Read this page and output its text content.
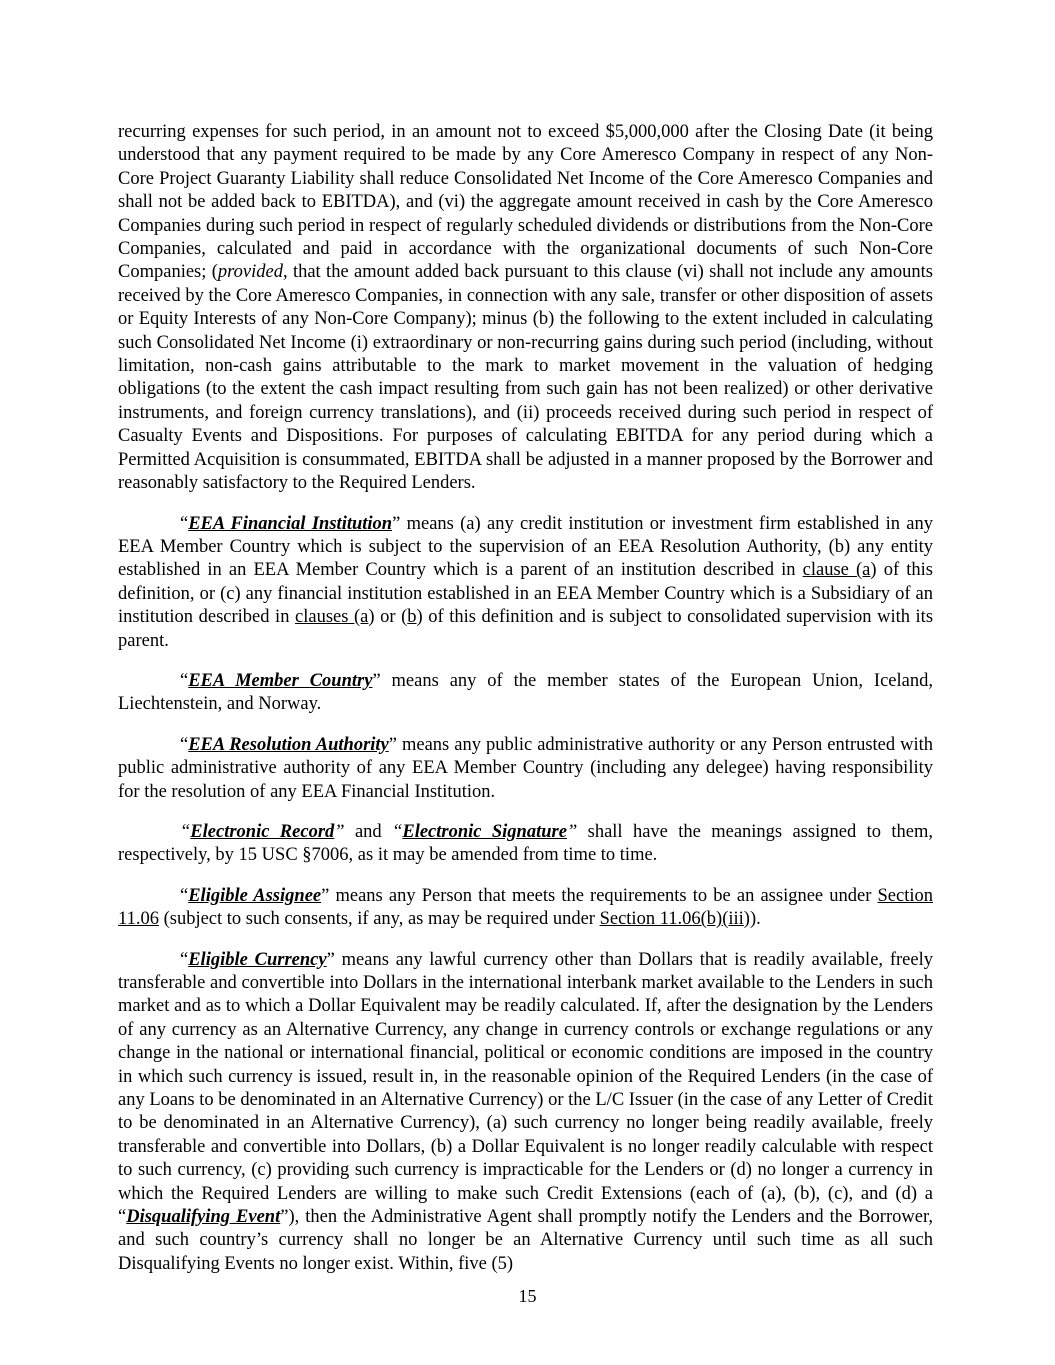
recurring expenses for such period, in an amount not to exceed $5,000,000 after the Closing Date (it being understood that any payment required to be made by any Core Ameresco Company in respect of any Non-Core Project Guaranty Liability shall reduce Consolidated Net Income of the Core Ameresco Companies and shall not be added back to EBITDA), and (vi) the aggregate amount received in cash by the Core Ameresco Companies during such period in respect of regularly scheduled dividends or distributions from the Non-Core Companies, calculated and paid in accordance with the organizational documents of such Non-Core Companies; (provided, that the amount added back pursuant to this clause (vi) shall not include any amounts received by the Core Ameresco Companies, in connection with any sale, transfer or other disposition of assets or Equity Interests of any Non-Core Company); minus (b) the following to the extent included in calculating such Consolidated Net Income (i) extraordinary or non-recurring gains during such period (including, without limitation, non-cash gains attributable to the mark to market movement in the valuation of hedging obligations (to the extent the cash impact resulting from such gain has not been realized) or other derivative instruments, and foreign currency translations), and (ii) proceeds received during such period in respect of Casualty Events and Dispositions. For purposes of calculating EBITDA for any period during which a Permitted Acquisition is consummated, EBITDA shall be adjusted in a manner proposed by the Borrower and reasonably satisfactory to the Required Lenders.

“EEA Financial Institution” means (a) any credit institution or investment firm established in any EEA Member Country which is subject to the supervision of an EEA Resolution Authority, (b) any entity established in an EEA Member Country which is a parent of an institution described in clause (a) of this definition, or (c) any financial institution established in an EEA Member Country which is a Subsidiary of an institution described in clauses (a) or (b) of this definition and is subject to consolidated supervision with its parent.

“EEA Member Country” means any of the member states of the European Union, Iceland, Liechtenstein, and Norway.

“EEA Resolution Authority” means any public administrative authority or any Person entrusted with public administrative authority of any EEA Member Country (including any delegee) having responsibility for the resolution of any EEA Financial Institution.

“Electronic Record” and “Electronic Signature” shall have the meanings assigned to them, respectively, by 15 USC §7006, as it may be amended from time to time.

“Eligible Assignee” means any Person that meets the requirements to be an assignee under Section 11.06 (subject to such consents, if any, as may be required under Section 11.06(b)(iii)).

“Eligible Currency” means any lawful currency other than Dollars that is readily available, freely transferable and convertible into Dollars in the international interbank market available to the Lenders in such market and as to which a Dollar Equivalent may be readily calculated. If, after the designation by the Lenders of any currency as an Alternative Currency, any change in currency controls or exchange regulations or any change in the national or international financial, political or economic conditions are imposed in the country in which such currency is issued, result in, in the reasonable opinion of the Required Lenders (in the case of any Loans to be denominated in an Alternative Currency) or the L/C Issuer (in the case of any Letter of Credit to be denominated in an Alternative Currency), (a) such currency no longer being readily available, freely transferable and convertible into Dollars, (b) a Dollar Equivalent is no longer readily calculable with respect to such currency, (c) providing such currency is impracticable for the Lenders or (d) no longer a currency in which the Required Lenders are willing to make such Credit Extensions (each of (a), (b), (c), and (d) a “Disqualifying Event”), then the Administrative Agent shall promptly notify the Lenders and the Borrower, and such country’s currency shall no longer be an Alternative Currency until such time as all such Disqualifying Events no longer exist. Within, five (5)

15
